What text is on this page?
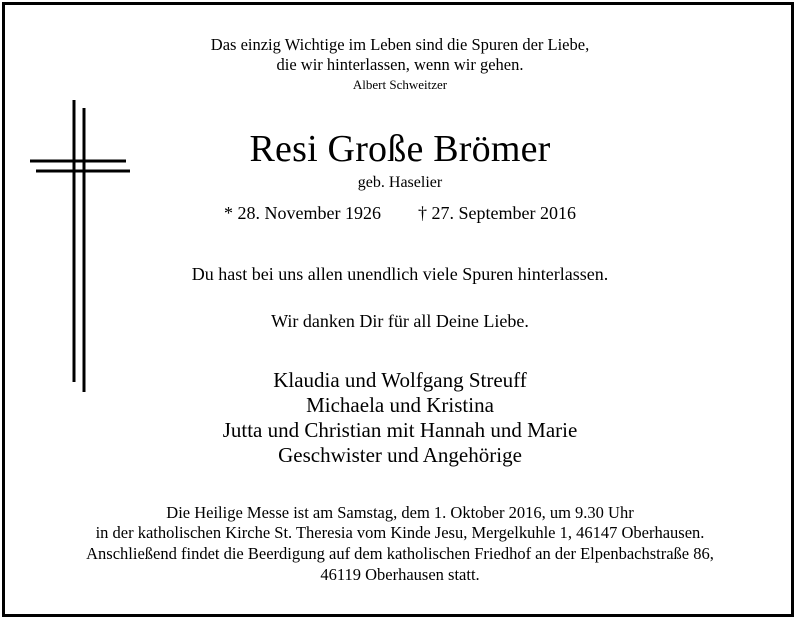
Das einzig Wichtige im Leben sind die Spuren der Liebe,
die wir hinterlassen, wenn wir gehen.
Albert Schweitzer
Resi Große Brömer
geb. Haselier
* 28. November 1926 † 27. September 2016
Du hast bei uns allen unendlich viele Spuren hinterlassen.
Wir danken Dir für all Deine Liebe.
Klaudia und Wolfgang Streuff
Michaela und Kristina
Jutta und Christian mit Hannah und Marie
Geschwister und Angehörige
Die Heilige Messe ist am Samstag, dem 1. Oktober 2016, um 9.30 Uhr
in der katholischen Kirche St. Theresia vom Kinde Jesu, Mergelkuhle 1, 46147 Oberhausen.
Anschließend findet die Beerdigung auf dem katholischen Friedhof an der Elpenbachstraße 86,
46119 Oberhausen statt.
